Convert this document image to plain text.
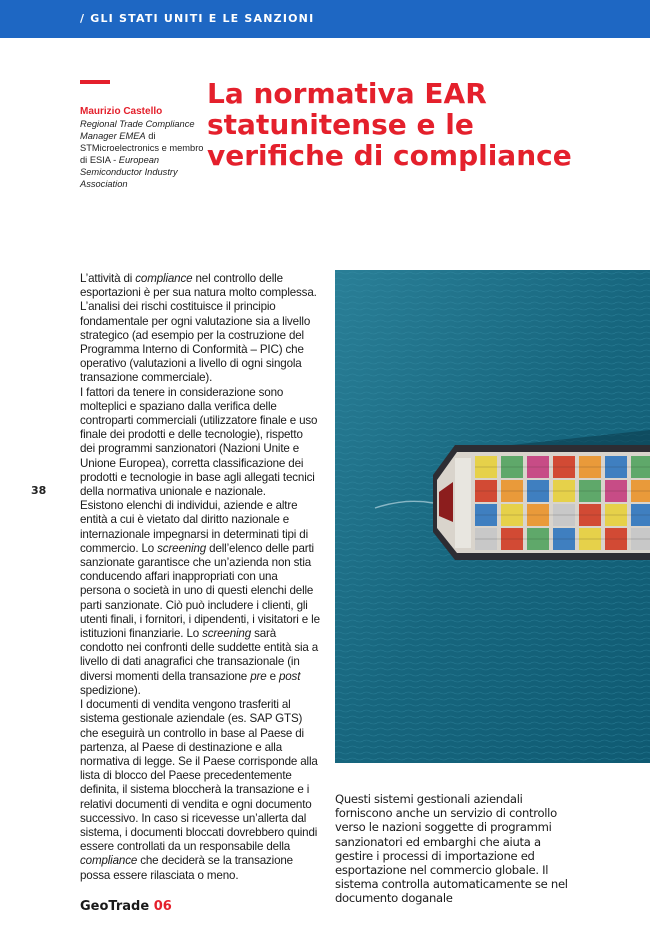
/ GLI STATI UNITI E LE SANZIONI
Maurizio Castello
Regional Trade Compliance Manager EMEA di STMicroelectronics e membro di ESIA - European Semiconductor Industry Association
La normativa EAR statunitense e le verifiche di compliance
38

L’attività di compliance nel controllo delle esportazioni è per sua natura molto complessa. L’analisi dei rischi costituisce il principio fondamentale per ogni valutazione sia a livello strategico (ad esempio per la costruzione del Programma Interno di Conformità – PIC) che operativo (valutazioni a livello di ogni singola transazione commerciale).

I fattori da tenere in considerazione sono molteplici e spaziano dalla verifica delle controparti commerciali (utilizzatore finale e uso finale dei prodotti e delle tecnologie), rispetto dei programmi sanzionatori (Nazioni Unite e Unione Europea), corretta classificazione dei prodotti e tecnologie in base agli allegati tecnici della normativa unionale e nazionale.

Esistono elenchi di individui, aziende e altre entità a cui è vietato dal diritto nazionale e internazionale impegnarsi in determinati tipi di commercio. Lo screening dell’elenco delle parti sanzionate garantisce che un’azienda non stia conducendo affari inappropriati con una persona o società in uno di questi elenchi delle parti sanzionate. Ciò può includere i clienti, gli utenti finali, i fornitori, i dipendenti, i visitatori e le istituzioni finanziarie. Lo screening sarà condotto nei confronti delle suddette entità sia a livello di dati anagrafici che transazionale (in diversi momenti della transazione pre e post spedizione).

I documenti di vendita vengono trasferiti al sistema gestionale aziendale (es. SAP GTS) che eseguirà un controllo in base al Paese di partenza, al Paese di destinazione e alla normativa di legge. Se il Paese corrisponde alla lista di blocco del Paese precedentemente definita, il sistema bloccherà la transazione e i relativi documenti di vendita e ogni documento successivo. In caso si ricevesse un’allerta dal sistema, i documenti bloccati dovrebbero quindi essere controllati da un responsabile della compliance che deciderà se la transazione possa essere rilasciata o meno.

Questi sistemi gestionali aziendali forniscono anche un servizio di controllo verso le nazioni soggette di programmi sanzionatori ed embarghi che aiuta a gestire i processi di importazione ed esportazione nel commercio globale. Il sistema controlla automaticamente se nel documento doganale
GeoTrade 06
